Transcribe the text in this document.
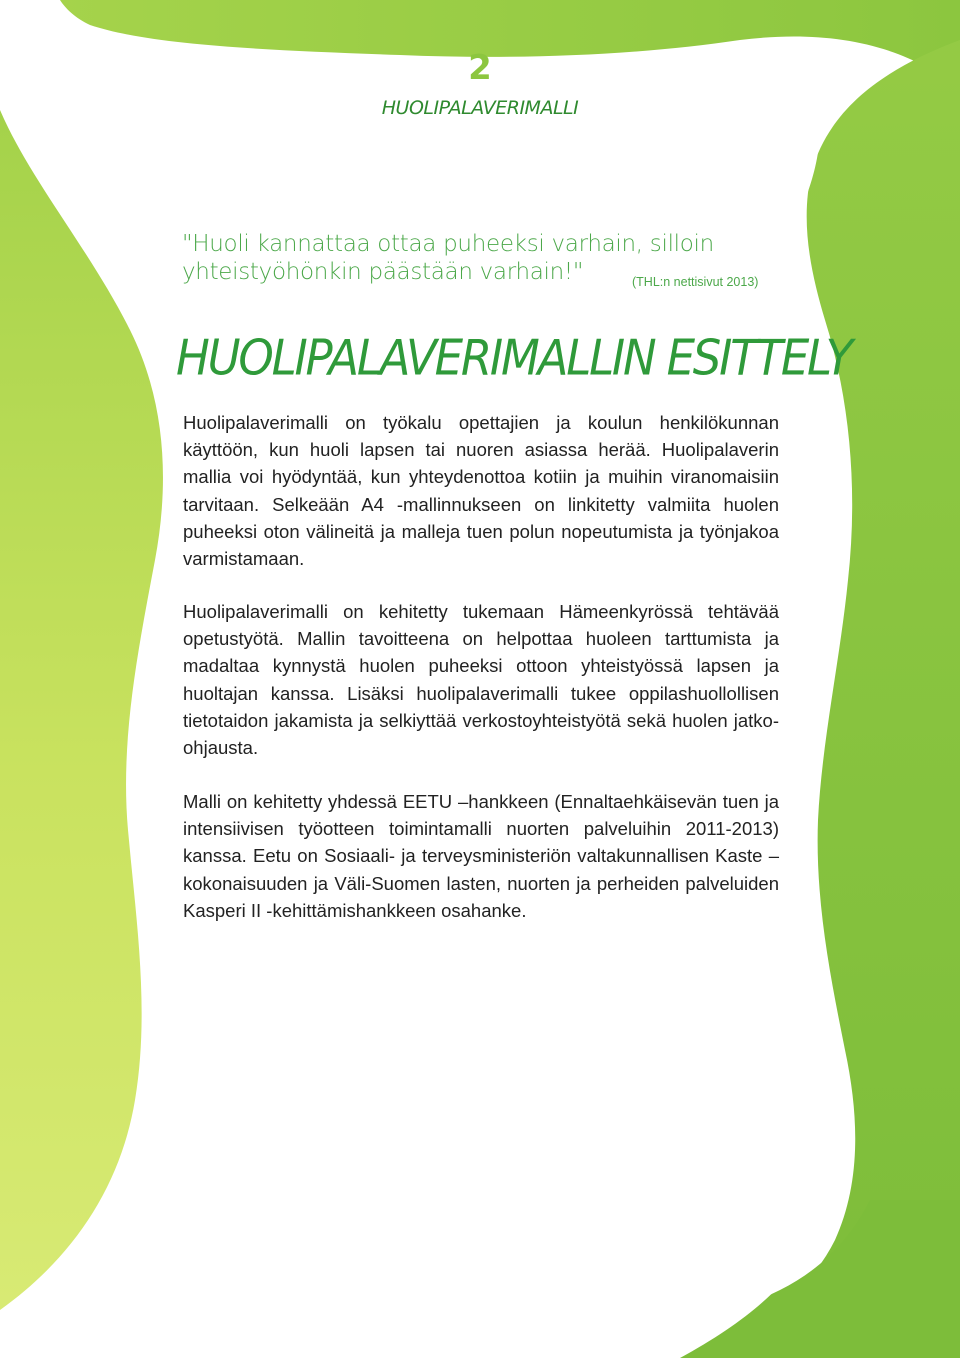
2
HUOLIPALAVERIMALLI
"Huoli kannattaa ottaa puheeksi varhain, silloin yhteistyöhönkin päästään varhain!"	(THL:n nettisivut 2013)
HUOLIPALAVERIMALLIN ESITTELY

Huolipalaverimalli on työkalu opettajien ja koulun henkilökunnan käyttöön, kun huoli lapsen tai nuoren asiassa herää. Huolipalaverin mallia voi hyödyntää, kun yhteydenottoa kotiin ja muihin viranomaisiin tarvitaan. Selkeään A4 -mallinnukseen on linkitetty valmiita huolen puheeksi oton välineitä ja malleja tuen polun nopeutumista ja työnjakoa varmistamaan.

Huolipalaverimalli on kehitetty tukemaan Hämeenkyrössä tehtävää opetustyötä. Mallin tavoitteena on helpottaa huoleen tarttumista ja madaltaa kynnystä huolen puheeksi ottoon yhteistyössä lapsen ja huoltajan kanssa. Lisäksi huolipalaverimalli tukee oppilashuollollisen tietotaidon jakamista ja selkiyttää verkostoyhteistyötä sekä huolen jatko-ohjausta.

Malli on kehitetty yhdessä EETU –hankkeen (Ennaltaehkäisevän tuen ja intensiivisen työotteen toimintamalli nuorten palveluihin 2011-2013) kanssa. Eetu on Sosiaali- ja terveysministeriön valtakunnallisen Kaste –kokonaisuuden ja Väli-Suomen lasten, nuorten ja perheiden palveluiden Kasperi II -kehittämishankkeen osahanke.
